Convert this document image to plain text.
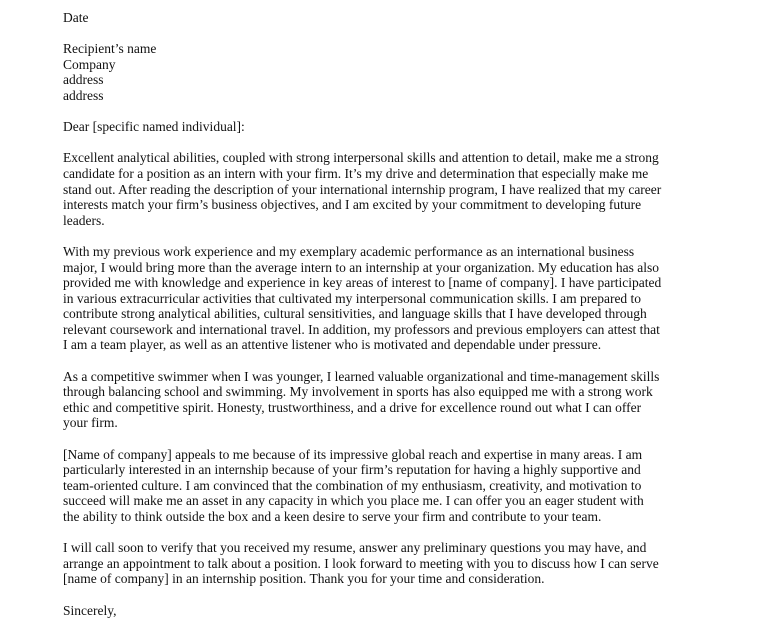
Date
Recipient’s name
Company
address
address
Dear [specific named individual]:

Excellent analytical abilities, coupled with strong interpersonal skills and attention to detail, make me a strong
candidate for a position as an intern with your firm. It’s my drive and determination that especially make me
stand out. After reading the description of your international internship program, I have realized that my career
interests match your firm’s business objectives, and I am excited by your commitment to developing future
leaders.

With my previous work experience and my exemplary academic performance as an international business
major, I would bring more than the average intern to an internship at your organization. My education has also
provided me with knowledge and experience in key areas of interest to [name of company]. I have participated
in various extracurricular activities that cultivated my interpersonal communication skills. I am prepared to
contribute strong analytical abilities, cultural sensitivities, and language skills that I have developed through
relevant coursework and international travel. In addition, my professors and previous employers can attest that
I am a team player, as well as an attentive listener who is motivated and dependable under pressure.

As a competitive swimmer when I was younger, I learned valuable organizational and time-management skills
through balancing school and swimming. My involvement in sports has also equipped me with a strong work
ethic and competitive spirit. Honesty, trustworthiness, and a drive for excellence round out what I can offer
your firm.

[Name of company] appeals to me because of its impressive global reach and expertise in many areas. I am
particularly interested in an internship because of your firm’s reputation for having a highly supportive and
team-oriented culture. I am convinced that the combination of my enthusiasm, creativity, and motivation to
succeed will make me an asset in any capacity in which you place me. I can offer you an eager student with
the ability to think outside the box and a keen desire to serve your firm and contribute to your team.

I will call soon to verify that you received my resume, answer any preliminary questions you may have, and
arrange an appointment to talk about a position. I look forward to meeting with you to discuss how I can serve
[name of company] in an internship position. Thank you for your time and consideration.

Sincerely,
